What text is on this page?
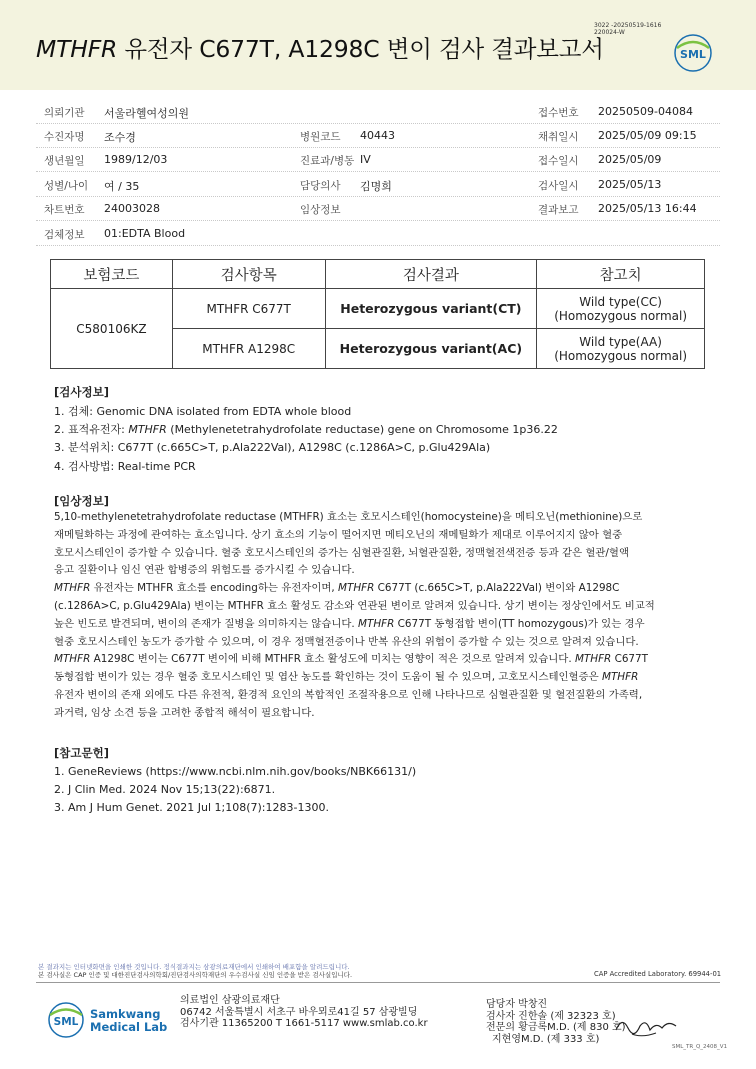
MTHFR 유전자 C677T, A1298C 변이 검사 결과보고서
3022 -20250519-1616
220024-W
SML
의뢰기관 서울라헬여성의원	접수번호 20250509-04084
수진자명 조수경	병원코드 40443	채취일시 2025/05/09 09:15
생년월일 1989/12/03	진료과/병동 IV	접수일시 2025/05/09
성별/나이 여 / 35	담당의사 김명희	검사일시 2025/05/13
차트번호 24003028	임상정보	결과보고 2025/05/13 16:44
검체정보 01:EDTA Blood
보험코드	검사항목	검사결과	참고치
C580106KZ	MTHFR C677T	Heterozygous variant(CT)	Wild type(CC)
(Homozygous normal)

	MTHFR A1298C	Heterozygous variant(AC)	Wild type(AA)
(Homozygous normal)
[검사정보]
1. 검체: Genomic DNA isolated from EDTA whole blood
2. 표적유전자: MTHFR (Methylenetetrahydrofolate reductase) gene on Chromosome 1p36.22
3. 분석위치: C677T (c.665C>T, p.Ala222Val), A1298C (c.1286A>C, p.Glu429Ala)
4. 검사방법: Real-time PCR
[임상정보]

5,10-methylenetetrahydrofolate reductase (MTHFR) 효소는 호모시스테인(homocysteine)을 메티오닌(methionine)으로

재메틸화하는 과정에 관여하는 효소입니다. 상기 효소의 기능이 떨어지면 메티오닌의 재메틸화가 제대로 이루어지지 않아 혈중

호모시스테인이 증가할 수 있습니다. 혈중 호모시스테인의 증가는 심혈관질환, 뇌혈관질환, 정맥혈전색전증 등과 같은 혈관/혈액

응고 질환이나 임신 연관 합병증의 위험도를 증가시킬 수 있습니다.

MTHFR 유전자는 MTHFR 효소를 encoding하는 유전자이며, MTHFR C677T (c.665C>T, p.Ala222Val) 변이와 A1298C

(c.1286A>C, p.Glu429Ala) 변이는 MTHFR 효소 활성도 감소와 연관된 변이로 알려져 있습니다. 상기 변이는 정상인에서도 비교적

높은 빈도로 발견되며, 변이의 존재가 질병을 의미하지는 않습니다. MTHFR C677T 동형접합 변이(TT homozygous)가 있는 경우

혈중 호모시스테인 농도가 증가할 수 있으며, 이 경우 정맥혈전증이나 반복 유산의 위험이 증가할 수 있는 것으로 알려져 있습니다.

MTHFR A1298C 변이는 C677T 변이에 비해 MTHFR 효소 활성도에 미치는 영향이 적은 것으로 알려져 있습니다. MTHFR C677T

동형접합 변이가 있는 경우 혈중 호모시스테인 및 엽산 농도를 확인하는 것이 도움이 될 수 있으며, 고호모시스테인혈증은 MTHFR

유전자 변이의 존재 외에도 다른 유전적, 환경적 요인의 복합적인 조절작용으로 인해 나타나므로 심혈관질환 및 혈전질환의 가족력,

과거력, 임상 소견 등을 고려한 종합적 해석이 필요합니다.

[참고문헌]
1. GeneReviews (https://www.ncbi.nlm.nih.gov/books/NBK66131/)
2. J Clin Med. 2024 Nov 15;13(22):6871.
3. Am J Hum Genet. 2021 Jul 1;108(7):1283-1300.
본 결과지는 인터넷화면을 인쇄한 것입니다. 정식결과지는 삼광의료재단에서 인쇄하여 배포함을 알려드립니다.
본 검사실은 CAP 인증 및 대한진단검사의학회/진단검사의학재단의 우수검사실 신임 인증을 받은 검사실입니다.	CAP Accredited Laboratory. 69944-01
SML
Samkwang
Medical Lab
의료법인 삼광의료재단
06742 서울특별시 서초구 바우뫼로41길 57 삼광빌딩
검사기관 11365200 T 1661-5117 www.smlab.co.kr
담당자 박창진
검사자 진한솔 (제 32323 호)
전문의 황금록M.D. (제 830 호)
지현영M.D. (제 333 호)
SML_TR_Q_2408_V1
